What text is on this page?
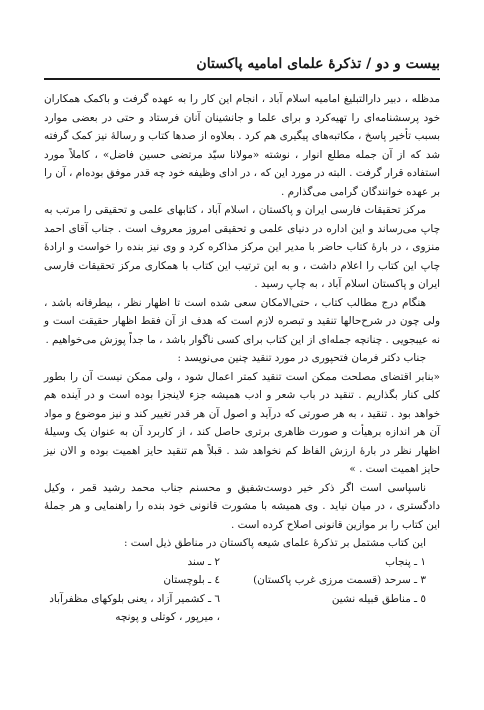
بیست و دو / تذکرهٔ علمای امامیه پاکستان

مدظله ، دبیر دارالتبلیغ امامیه اسلام آباد ، انجام این کار را به عهده گرفت و باکمک همکاران خود پرسشنامه‌ای را تهیه‌کرد و برای علما و جانشینان آنان فرستاد و حتی در بعضی موارد بسبب تأخیر پاسخ ، مکاتبه‌های پیگیری هم کرد . بعلاوه از صدها کتاب و رسالهٔ نیز کمک گرفته شد که از آن جمله مطلع انوار ، نوشته «مولانا سیّد مرتضی حسین فاضل» ، کاملاً مورد استفاده قرار گرفت . البته در مورد این که ، در ادای وظیفه خود چه قدر موفق بوده‌ام ، آن را بر عهده خوانندگان گرامی می‌گذارم .

مرکز تحقیقات فارسی ایران و پاکستان ، اسلام آباد ، کتابهای علمی و تحقیقی را مرتب به چاپ می‌رساند و این اداره در دنیای علمی و تحقیقی امروز معروف است . جناب آقای احمد منزوی ، در بارهٔ کتاب حاضر با مدیر این مرکز مذاکره کرد و وی نیز بنده را خواست و ارادهٔ چاپ این کتاب را اعلام داشت ، و به این ترتیب این کتاب با همکاری مرکز تحقیقات فارسی ایران و پاکستان اسلام آباد ، به چاپ رسید .

هنگام درج مطالب کتاب ، حتی‌الامکان سعی شده است تا اظهار نظر ، بیطرفانه باشد ، ولی چون در شرح‌حالها تنقید و تبصره لازم است که هدف از آن فقط اظهار حقیقت است و نه عیبجویی . چنانچه جمله‌ای از این کتاب برای کسی ناگوار باشد ، ما جداً پوزش می‌خواهیم .

جناب دکتر فرمان فتحپوری در مورد تنقید چنین می‌نویسد :

«بنابر اقتضای مصلحت ممکن است تنقید کمتر اعمال شود ، ولی ممکن نیست آن را بطور کلی کنار بگذاریم . تنقید در باب شعر و ادب همیشه جزء لاینجزا بوده است و در آینده هم خواهد بود . تنقید ، به هر صورتی که درآید و اصول آن هر قدر تغییر کند و نیز موضوع و مواد آن هر اندازه برهیأت و صورت ظاهری برتری حاصل کند ، از کاربرد آن به عنوان یک وسیلهٔ اظهار نظر در بارهٔ ارزش الفاظ کم نخواهد شد . قبلاً هم تنقید حایز اهمیت بوده و الان نیز حایز اهمیت است . »

ناسپاسی است اگر ذکر خیر دوست‌شفیق و محسنم جناب محمد رشید قمر ، وکیل دادگستری ، در میان نیاید . وی همیشه با مشورت قانونی خود بنده را راهنمایی و هر جملهٔ این کتاب را بر موازین قانونی اصلاح کرده است .

این کتاب مشتمل بر تذکرهٔ علمای شیعه پاکستان در مناطق ذیل است :

١ ـ پنجاب
٢ ـ سند
٣ ـ سرحد (قسمت مرزی غرب پاکستان)
٤ ـ بلوچستان
٥ ـ مناطق قبیله نشین
٦ ـ کشمیر آزاد ، یعنی بلوکهای مظفرآباد ، میرپور ، کوتلی و پونچه
